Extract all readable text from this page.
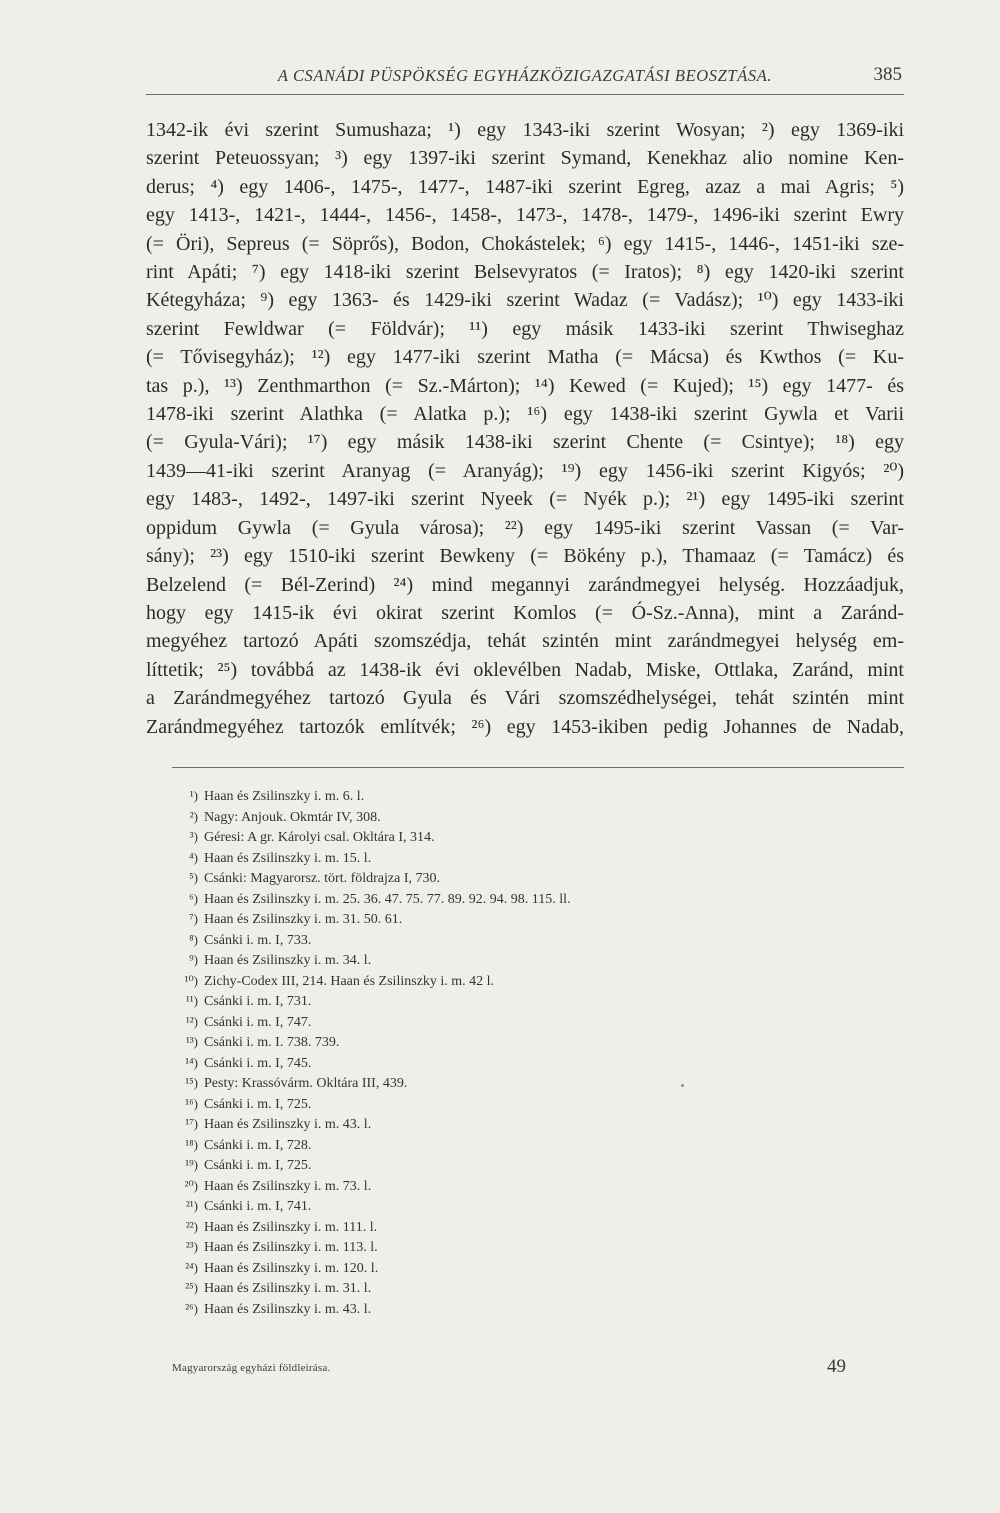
A CSANÁDI PÜSPÖKSÉG EGYHÁZKÖZIGAZGATÁSI BEOSZTÁSA.	385
1342-ik évi szerint Sumushaza; ¹) egy 1343-iki szerint Wosyan; ²) egy 1369-iki
szerint Peteuossyan; ³) egy 1397-iki szerint Symand, Kenekhaz alio nomine Ken-
derus; ⁴) egy 1406-, 1475-, 1477-, 1487-iki szerint Egreg, azaz a mai Agris; ⁵)
egy 1413-, 1421-, 1444-, 1456-, 1458-, 1473-, 1478-, 1479-, 1496-iki szerint Ewry
(= Öri), Sepreus (= Söprős), Bodon, Chokástelek; ⁶) egy 1415-, 1446-, 1451-iki sze-
rint Apáti; ⁷) egy 1418-iki szerint Belsevyratos (= Iratos); ⁸) egy 1420-iki szerint
Kétegyháza; ⁹) egy 1363- és 1429-iki szerint Wadaz (= Vadász); ¹⁰) egy 1433-iki
szerint Fewldwar (= Földvár); ¹¹) egy másik 1433-iki szerint Thwiseghaz
(= Tővisegyház); ¹²) egy 1477-iki szerint Matha (= Mácsa) és Kwthos (= Ku-
tas p.), ¹³) Zenthmarthon (= Sz.-Márton); ¹⁴) Kewed (= Kujed); ¹⁵) egy 1477- és
1478-iki szerint Alathka (= Alatka p.); ¹⁶) egy 1438-iki szerint Gywla et Varii
(= Gyula-Vári); ¹⁷) egy másik 1438-iki szerint Chente (= Csintye); ¹⁸) egy
1439—41-iki szerint Aranyag (= Aranyág); ¹⁹) egy 1456-iki szerint Kigyós; ²⁰)
egy 1483-, 1492-, 1497-iki szerint Nyeek (= Nyék p.); ²¹) egy 1495-iki szerint
oppidum Gywla (= Gyula városa); ²²) egy 1495-iki szerint Vassan (= Var-
sány); ²³) egy 1510-iki szerint Bewkeny (= Bökény p.), Thamaaz (= Tamácz) és
Belzelend (= Bél-Zerind) ²⁴) mind megannyi zarándmegyei helység. Hozzáadjuk,
hogy egy 1415-ik évi okirat szerint Komlos (= Ó-Sz.-Anna), mint a Zaránd-
megyéhez tartozó Apáti szomszédja, tehát szintén mint zarándmegyei helység em-
líttetik; ²⁵) továbbá az 1438-ik évi oklevélben Nadab, Miske, Ottlaka, Zaránd, mint
a Zarándmegyéhez tartozó Gyula és Vári szomszédhelységei, tehát szintén mint
Zarándmegyéhez tartozók említvék; ²⁶) egy 1453-ikiben pedig Johannes de Nadab,
¹) Haan és Zsilinszky i. m. 6. l.
²) Nagy: Anjouk. Okmtár IV, 308.
³) Géresi: A gr. Károlyi csal. Okltára I, 314.
⁴) Haan és Zsilinszky i. m. 15. l.
⁵) Csánki: Magyarorsz. tört. földrajza I, 730.
⁶) Haan és Zsilinszky i. m. 25. 36. 47. 75. 77. 89. 92. 94. 98. 115. ll.
⁷) Haan és Zsilinszky i. m. 31. 50. 61.
⁸) Csánki i. m. I, 733.
⁹) Haan és Zsilinszky i. m. 34. l.
¹⁰) Zichy-Codex III, 214. Haan és Zsilinszky i. m. 42 l.
¹¹) Csánki i. m. I, 731.
¹²) Csánki i. m. I, 747.
¹³) Csánki i. m. I. 738. 739.
¹⁴) Csánki i. m. I, 745.
¹⁵) Pesty: Krassóvárm. Okltára III, 439.
¹⁶) Csánki i. m. I, 725.
¹⁷) Haan és Zsilinszky i. m. 43. l.
¹⁸) Csánki i. m. I, 728.
¹⁹) Csánki i. m. I, 725.
²⁰) Haan és Zsilinszky i. m. 73. l.
²¹) Csánki i. m. I, 741.
²²) Haan és Zsilinszky i. m. 111. l.
²³) Haan és Zsilinszky i. m. 113. l.
²⁴) Haan és Zsilinszky i. m. 120. l.
²⁵) Haan és Zsilinszky i. m. 31. l.
²⁶) Haan és Zsilinszky i. m. 43. l.
Magyarország egyházi földleirása.	49
